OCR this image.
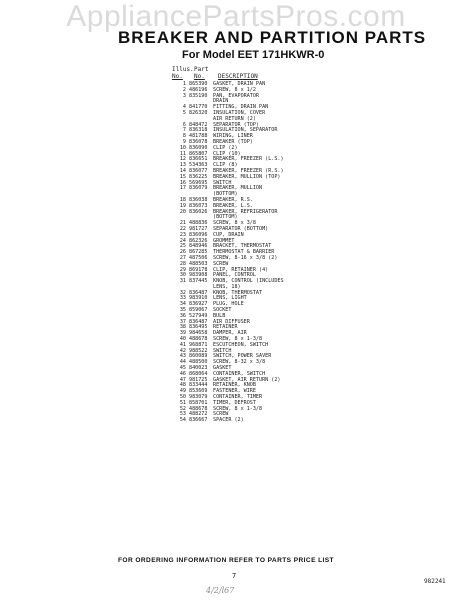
AppliancePartsPros.com
BREAKER AND PARTITION PARTS
For Model EET 171HKWR-0
Illus.
No.
Part
No.	DESCRIPTION
1 865390	GASKET, DRAIN PAN
2 486196	SCREW, 8 x 1/2
3 835190	PAN, EVAPORATOR
DRAIN
4 841770	FITTING, DRAIN PAN
5 826320	INSULATION, COVER
AIR RETURN (2)
6 848472	SEPARATOR (TOP)
7 836318	INSULATION, SEPARATOR
8 481788	WIRING, LINER
9 836078	BREAKER (TOP)
10 836090	CLIP (2)
11 865807	CLIP (10)
12 836651	BREAKER, FREEZER (L.S.)
13 534363	CLIP (8)
14 836077	BREAKER, FREEZER (R.S.)
15 836225	BREAKER, MULLION (TOP)
16 569695	SWITCH
17 836079	BREAKER, MULLION
(BOTTOM)
18 836038	BREAKER, R.S.
19 836073	BREAKER, L.S.
20 836026	BREAKER, REFRIGERATOR
(BOTTOM)
21 488836	SCREW, 8 x 3/8
22 981727	SEPARATOR (BOTTOM)
23 836096	CUP, DRAIN
24 862326	GROMMET
25 848946	BRACKET, THERMOSTAT
26 867285	THERMOSTAT & BARRIER
27 487506	SCREW, 8-16 x 3/8 (2)
28 488503	SCREW
29 869178	CLIP, RETAINER (4)
30 983908	PANEL, CONTROL
31 837445	KNOB, CONTROL (INCLUDES
LENS, 18)
32 836487	KNOB, THERMOSTAT
33 983910	LENS, LIGHT
34 836927	PLUG, HOLE
35 859067	SOCKET
36 527949	BULB
37 836487	AIR DIFFUSER
38 836495	RETAINER
39 984658	DAMPER, AIR
40 488678	SCREW, 8 x 1-3/8
41 968871	ESCUTCHEON, SWITCH
42 988522	SWITCH
43 860089	SWITCH, POWER SAVER
44 488500	SCREW, 8-32 x 3/8
45 840023	GASKET
46 868064	CONTAINER, SWITCH
47 981725	GASKET, AIR RETURN (2)
48 833444	RETAINER, KNOB
49 853609	FASTENER, WIRE
50 983079	CONTAINER, TIMER
51 858701	TIMER, DEFROST
52 488678	SCREW, 8 x 1-3/8
53 488272	SCREW
54 836667	SPACER (2)
FOR ORDERING INFORMATION REFER TO PARTS PRICE LIST
7
982241
4/2/l67
